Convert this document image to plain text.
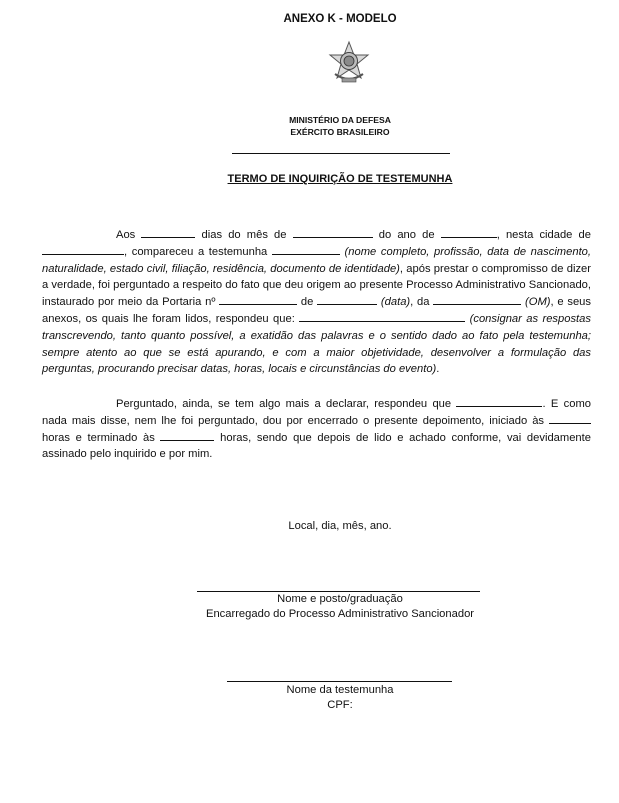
ANEXO K - MODELO
MINISTÉRIO DA DEFESA
EXÉRCITO BRASILEIRO
TERMO DE INQUIRIÇÃO DE TESTEMUNHA
Aos	dias do mês de	do ano de	, nesta cidade de , compareceu a testemunha	(nome completo, profissão, data de nascimento, naturalidade, estado civil, filiação, residência, documento de identidade), após prestar o compromisso de dizer a verdade, foi perguntado a respeito do fato que deu origem ao presente Processo Administrativo Sancionado, instaurado por meio da Portaria nº	de	(data), da	(OM), e seus anexos, os quais lhe foram lidos, respondeu que:	(consignar as respostas transcrevendo, tanto quanto possível, a exatidão das palavras e o sentido dado ao fato pela testemunha; sempre atento ao que se está apurando, e com a maior objetividade, desenvolver a formulação das perguntas, procurando precisar datas, horas, locais e circunstâncias do evento).
Perguntado, ainda, se tem algo mais a declarar, respondeu que	. E como nada mais disse, nem lhe foi perguntado, dou por encerrado o presente depoimento, iniciado às  horas e terminado às	horas, sendo que depois de lido e achado conforme, vai devidamente assinado pelo inquirido e por mim.
Local, dia, mês, ano.
Nome e posto/graduação
Encarregado do Processo Administrativo Sancionador
Nome da testemunha
CPF:
